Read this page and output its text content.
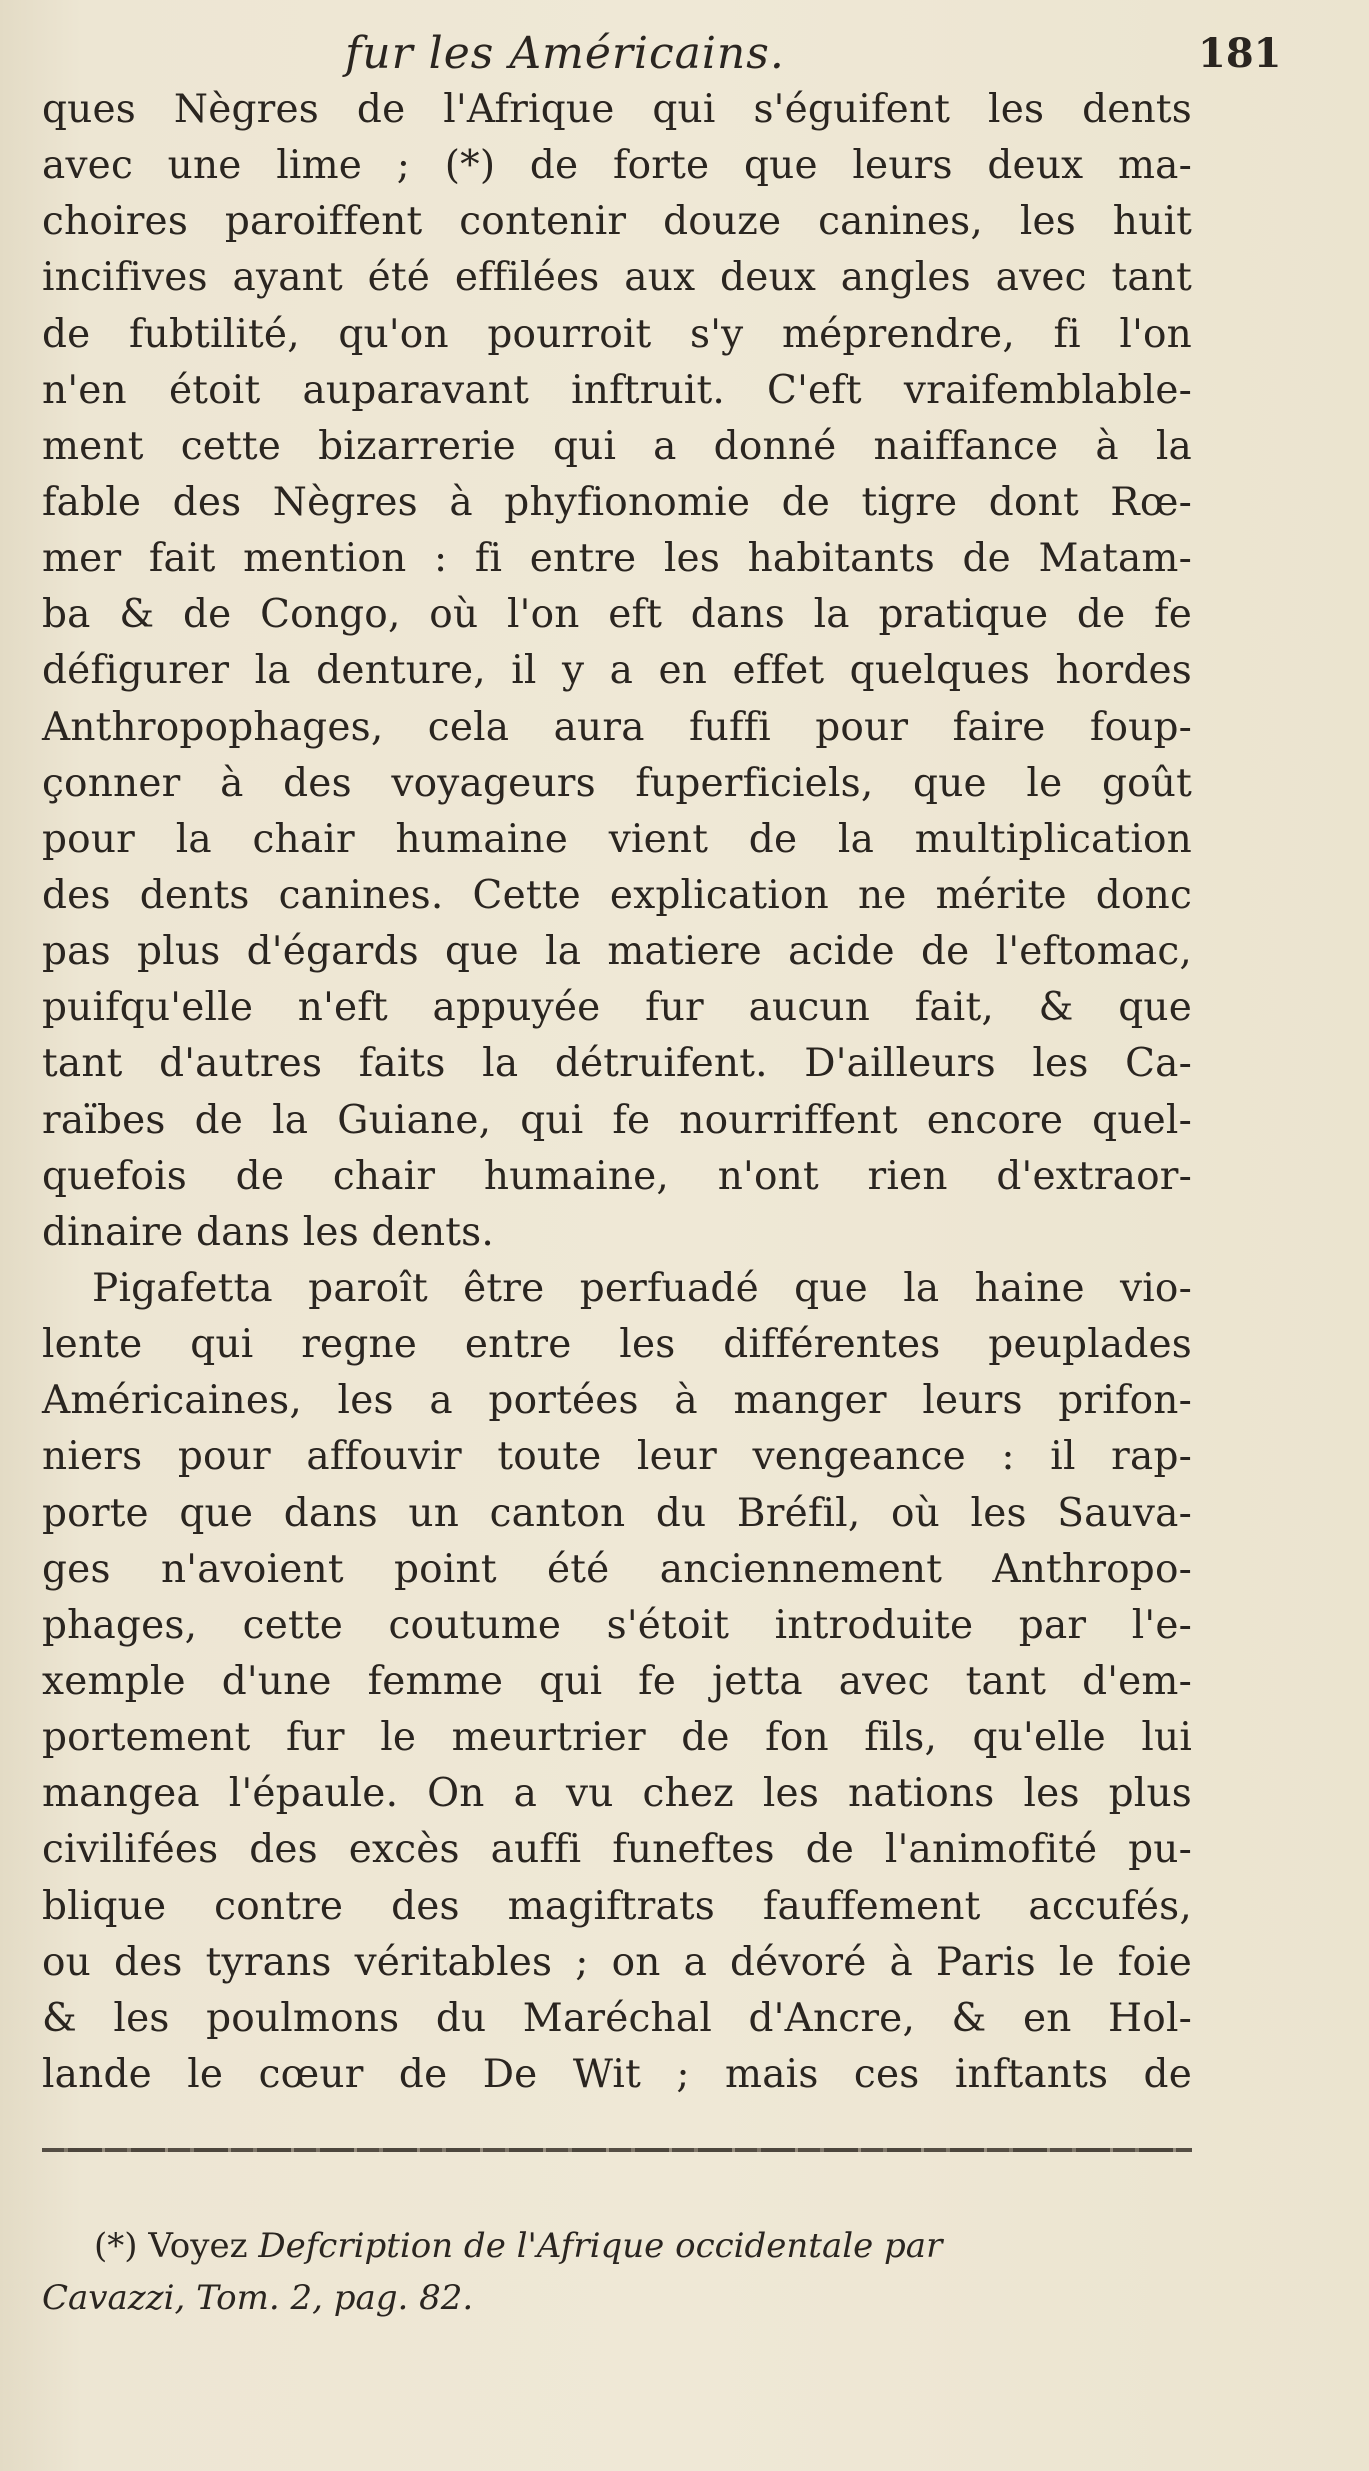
fur les Américains.	181
ques Nègres de l'Afrique qui s'éguifent les dents
avec une lime ; (*) de forte que leurs deux ma-
choires paroiffent contenir douze canines, les huit
incifives ayant été effilées aux deux angles avec tant
de fubtilité, qu'on pourroit s'y méprendre, fi l'on
n'en étoit auparavant inftruit. C'eft vraifemblable-
ment cette bizarrerie qui a donné naiffance à la
fable des Nègres à phyfionomie de tigre dont Rœ-
mer fait mention : fi entre les habitants de Matam-
ba & de Congo, où l'on eft dans la pratique de fe
défigurer la denture, il y a en effet quelques hordes
Anthropophages, cela aura fuffi pour faire foup-
çonner à des voyageurs fuperficiels, que le goût
pour la chair humaine vient de la multiplication
des dents canines. Cette explication ne mérite donc
pas plus d'égards que la matiere acide de l'eftomac,
puifqu'elle n'eft appuyée fur aucun fait, & que
tant d'autres faits la détruifent. D'ailleurs les Ca-
raïbes de la Guiane, qui fe nourriffent encore quel-
quefois de chair humaine, n'ont rien d'extraor-
dinaire dans les dents.
Pigafetta paroît être perfuadé que la haine vio-
lente qui regne entre les différentes peuplades
Américaines, les a portées à manger leurs prifon-
niers pour affouvir toute leur vengeance : il rap-
porte que dans un canton du Bréfil, où les Sauva-
ges n'avoient point été anciennement Anthropo-
phages, cette coutume s'étoit introduite par l'e-
xemple d'une femme qui fe jetta avec tant d'em-
portement fur le meurtrier de fon fils, qu'elle lui
mangea l'épaule. On a vu chez les nations les plus
civilifées des excès auffi funeftes de l'animofité pu-
blique contre des magiftrats fauffement accufés,
ou des tyrans véritables ; on a dévoré à Paris le foie
& les poulmons du Maréchal d'Ancre, & en Hol-
lande le cœur de De Wit ; mais ces inftants de
(*) Voyez Defcription de l'Afrique occidentale par
Cavazzi, Tom. 2, pag. 82.
